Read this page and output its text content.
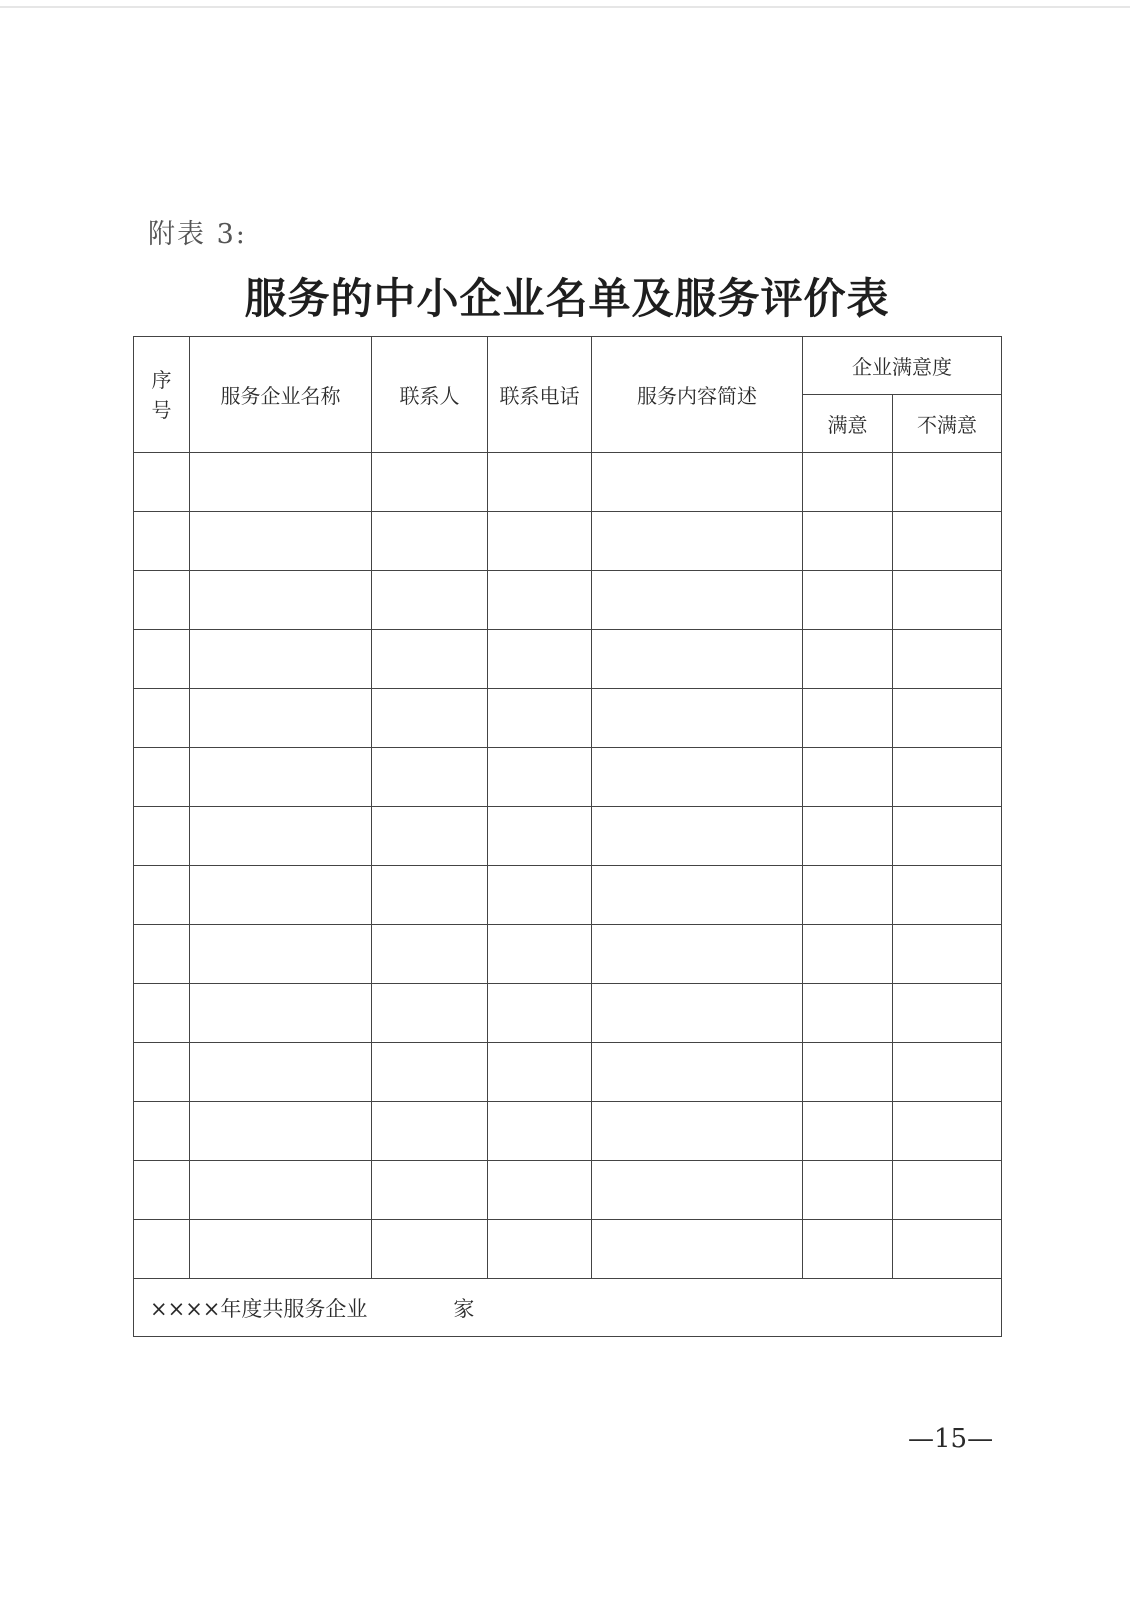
附表 3:
服务的中小企业名单及服务评价表
序
号	服务企业名称	联系人	联系电话	服务内容简述	企业满意度	
					满意	不满意

××××年度共服务企业 家						
—15—
